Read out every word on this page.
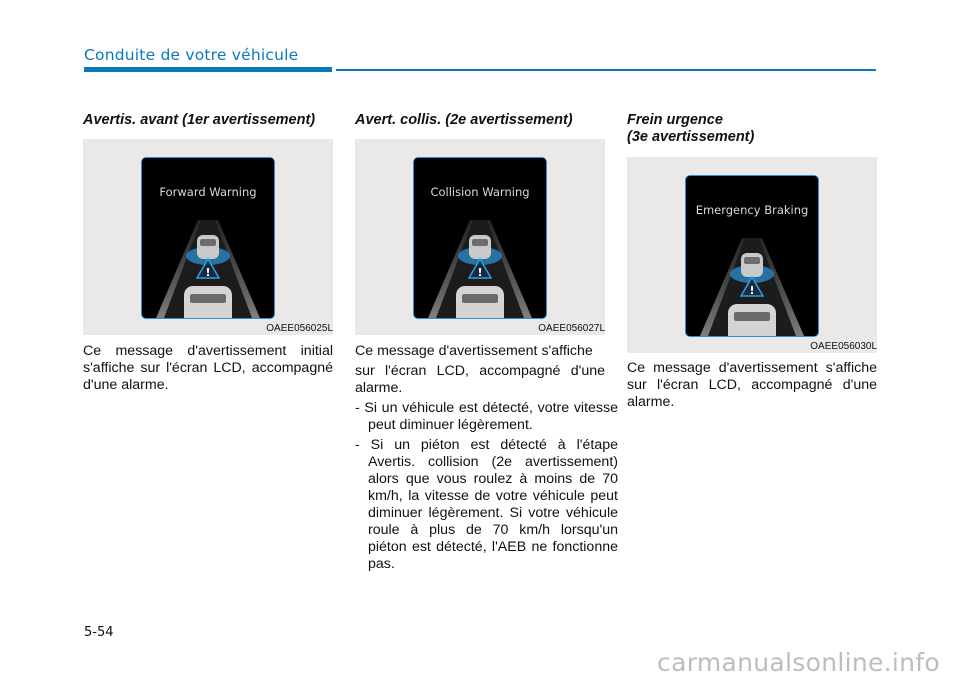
Conduite de votre véhicule
Avertis. avant (1er avertissement)
Forward Warning
!
OAEE056025L

Ce message d'avertissement initial s'affiche sur l'écran LCD, accompagné d'une alarme.

Avert. collis. (2e avertissement)
Collision Warning
!
OAEE056027L

Ce message d'avertissement s'affiche

sur l'écran LCD, accompagné d'une alarme.

- Si un véhicule est détecté, votre vitesse peut diminuer légèrement.
- Si un piéton est détecté à l'étape Avertis. collision (2e avertissement) alors que vous roulez à moins de 70 km/h, la vitesse de votre véhicule peut diminuer légèrement. Si votre véhicule roule à plus de 70 km/h lorsqu'un piéton est détecté, l'AEB ne fonctionne pas.
Frein urgence
(3e avertissement)
Emergency Braking
!
OAEE056030L

Ce message d'avertissement s'affiche sur l'écran LCD, accompagné d'une alarme.

5-54
carmanualsonline.info
